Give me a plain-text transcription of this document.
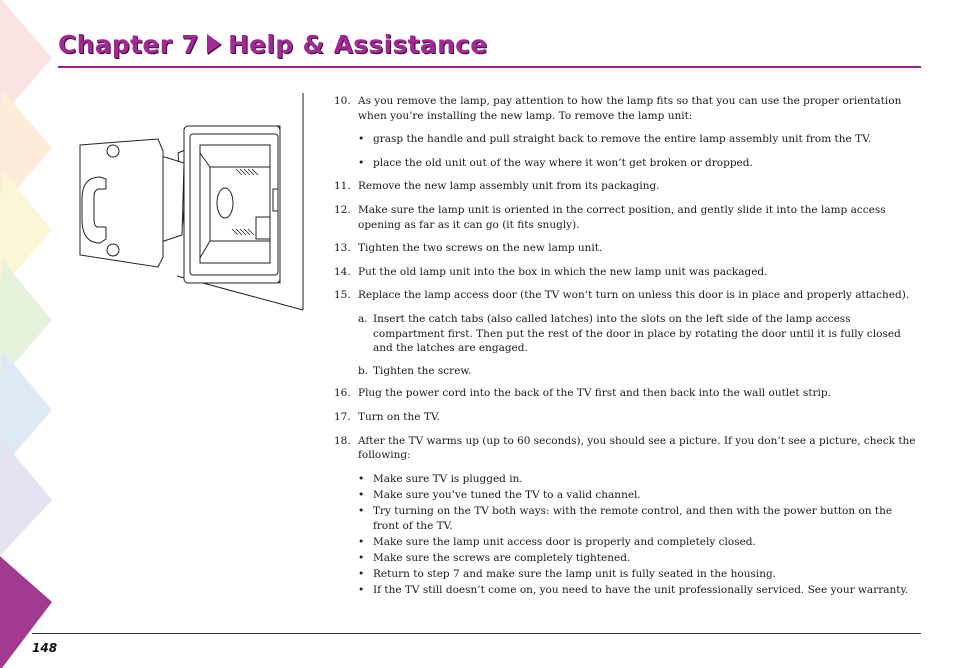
Chapter 7 Help & Assistance
10. As you remove the lamp, pay attention to how the lamp fits so that you can use the proper orientation when you’re installing the new lamp. To remove the lamp unit:
• grasp the handle and pull straight back to remove the entire lamp assembly unit from the TV.
• place the old unit out of the way where it won’t get broken or dropped.
11. Remove the new lamp assembly unit from its packaging.
12. Make sure the lamp unit is oriented in the correct position, and gently slide it into the lamp access opening as far as it can go (it fits snugly).
13. Tighten the two screws on the new lamp unit.
14. Put the old lamp unit into the box in which the new lamp unit was packaged.
15. Replace the lamp access door (the TV won’t turn on unless this door is in place and properly attached).
a. Insert the catch tabs (also called latches) into the slots on the left side of the lamp access compartment first. Then put the rest of the door in place by rotating the door until it is fully closed and the latches are engaged.
b. Tighten the screw.
16. Plug the power cord into the back of the TV first and then back into the wall outlet strip.
17. Turn on the TV.
18. After the TV warms up (up to 60 seconds), you should see a picture. If you don’t see a picture, check the following:
• Make sure TV is plugged in.
• Make sure you’ve tuned the TV to a valid channel.
• Try turning on the TV both ways: with the remote control, and then with the power button on the front of the TV.
• Make sure the lamp unit access door is properly and completely closed.
• Make sure the screws are completely tightened.
• Return to step 7 and make sure the lamp unit is fully seated in the housing.
• If the TV still doesn’t come on, you need to have the unit professionally serviced. See your warranty.
148
